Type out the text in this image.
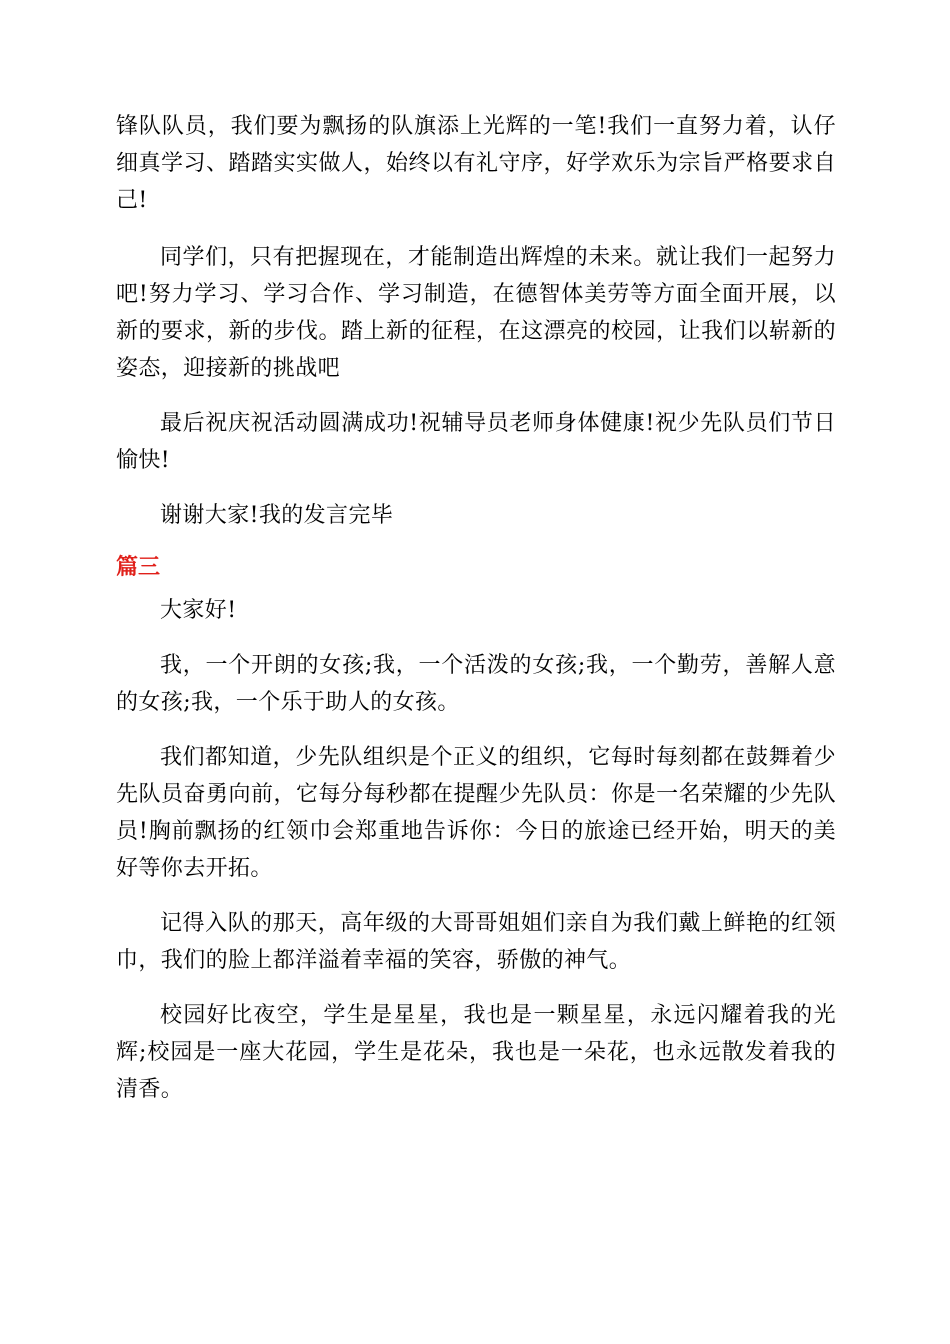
锋队队员，我们要为飘扬的队旗添上光辉的一笔!我们一直努力着，认仔细真学习、踏踏实实做人，始终以有礼守序，好学欢乐为宗旨严格要求自己!

同学们，只有把握现在，才能制造出辉煌的未来。就让我们一起努力吧!努力学习、学习合作、学习制造，在德智体美劳等方面全面开展，以新的要求，新的步伐。踏上新的征程，在这漂亮的校园，让我们以崭新的姿态，迎接新的挑战吧

最后祝庆祝活动圆满成功!祝辅导员老师身体健康!祝少先队员们节日愉快!

谢谢大家!我的发言完毕

篇三

大家好!

我，一个开朗的女孩;我，一个活泼的女孩;我，一个勤劳，善解人意的女孩;我，一个乐于助人的女孩。

我们都知道，少先队组织是个正义的组织，它每时每刻都在鼓舞着少先队员奋勇向前，它每分每秒都在提醒少先队员：你是一名荣耀的少先队员!胸前飘扬的红领巾会郑重地告诉你：今日的旅途已经开始，明天的美好等你去开拓。

记得入队的那天，高年级的大哥哥姐姐们亲自为我们戴上鲜艳的红领巾，我们的脸上都洋溢着幸福的笑容，骄傲的神气。

校园好比夜空，学生是星星，我也是一颗星星，永远闪耀着我的光辉;校园是一座大花园，学生是花朵，我也是一朵花，也永远散发着我的清香。
